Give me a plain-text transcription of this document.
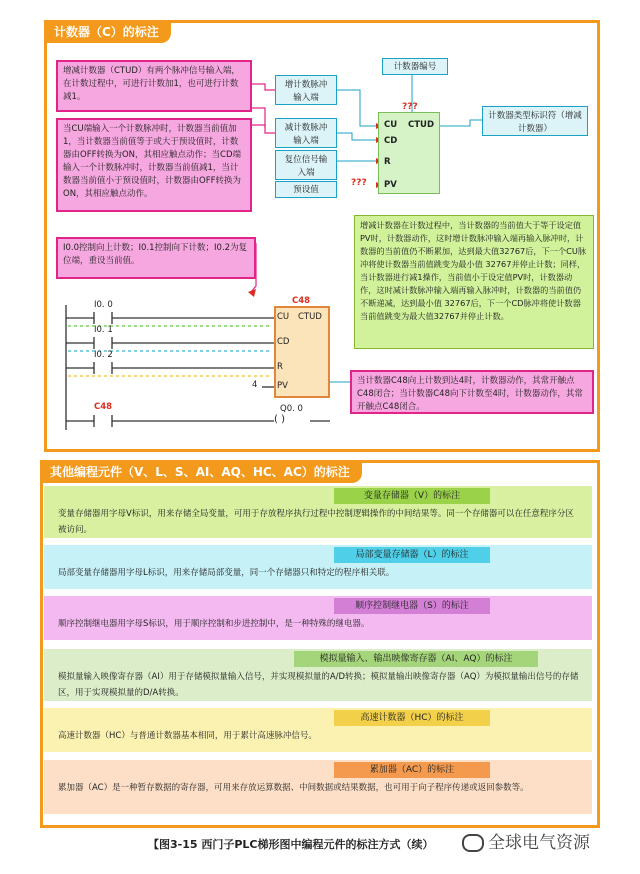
计数器（C）的标注
增减计数器（CTUD）有两个脉冲信号输入端，在计数过程中，可进行计数加1，也可进行计数减1。
当CU端输入一个计数脉冲时，计数器当前值加1，当计数器当前值等于或大于预设值时，计数器由OFF转换为ON，其相应触点动作；当CD端输入一个计数脉冲时，计数器当前值减1，当计数器当前值小于预设值时，计数器由OFF转换为ON，其相应触点动作。
I0.0控制向上计数；I0.1控制向下计数；I0.2为复位端，重设当前值。
增计数脉冲输入端
减计数脉冲输入端
复位信号输入端
预设值
计数器编号
计数器类型标识符（增减计数器）
???
CU CTUD
CD
R
PV
???
增减计数器在计数过程中，当计数器的当前值大于等于设定值PV时，计数器动作，这时增计数脉冲输入端再输入脉冲时，计数器的当前值仍不断累加，达到最大值32767后，下一个CU脉冲将使计数器当前值跳变为最小值 32767并停止计数；同样，当计数器进行减1操作，当前值小于设定值PV时，计数器动作，这时减计数脉冲输入端再输入脉冲时，计数器的当前值仍不断递减，达到最小值 32767后，下一个CD脉冲将使计数器当前值跳变为最大值32767并停止计数。
I0. 0
I0. 1
I0. 2
C48
CU CTUD
CD
R
PV
4
C48	Q0. 0
( )
当计数器C48向上计数到达4时，计数器动作，其常开触点C48闭合；当计数器C48向下计数至4时，计数器动作，其常开触点C48闭合。
其他编程元件（V、L、S、AI、AQ、HC、AC）的标注
变量存储器（V）的标注
变量存储器用字母V标识，用来存储全局变量，可用于存放程序执行过程中控制逻辑操作的中间结果等。同一个存储器可以在任意程序分区被访问。
局部变量存储器（L）的标注
局部变量存储器用字母L标识，用来存储局部变量，同一个存储器只和特定的程序相关联。
顺序控制继电器（S）的标注
顺序控制继电器用字母S标识，用于顺序控制和步进控制中，是一种特殊的继电器。
模拟量输入、输出映像寄存器（AI、AQ）的标注
模拟量输入映像寄存器（AI）用于存储模拟量输入信号，并实现模拟量的A/D转换；模拟量输出映像寄存器（AQ）为模拟量输出信号的存储区，用于实现模拟量的D/A转换。
高速计数器（HC）的标注
高速计数器（HC）与普通计数器基本相同，用于累计高速脉冲信号。
累加器（AC）的标注
累加器（AC）是一种暂存数据的寄存器，可用来存放运算数据、中间数据或结果数据，也可用于向子程序传递或返回参数等。
【图3-15 西门子PLC梯形图中编程元件的标注方式（续）	全球电气资源
